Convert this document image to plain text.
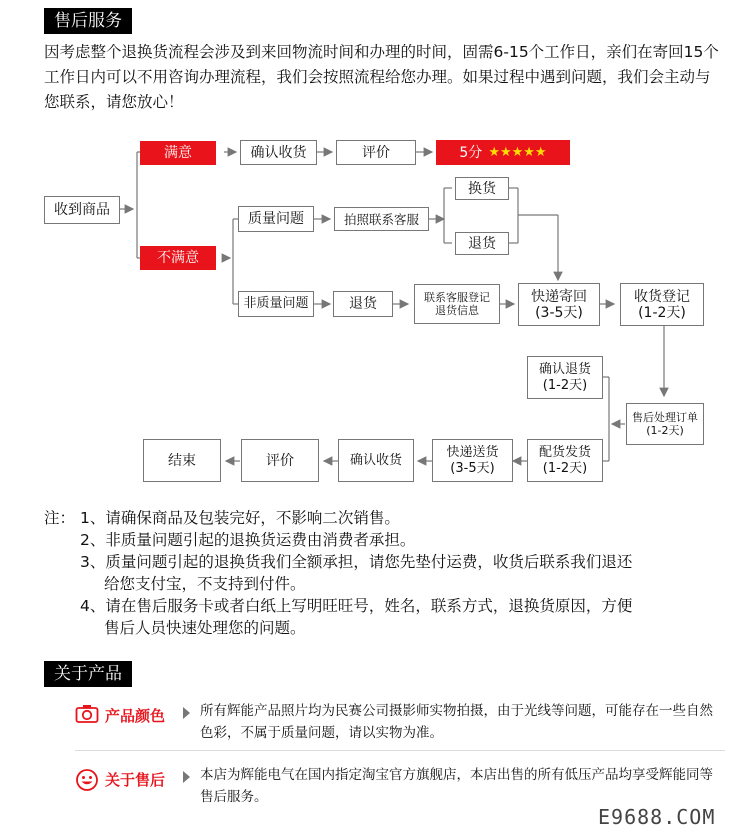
售后服务
因考虑整个退换货流程会涉及到来回物流时间和办理的时间，固需6-15个工作日，亲们在寄回15个工作日内可以不用咨询办理流程，我们会按照流程给您办理。如果过程中遇到问题，我们会主动与您联系，请您放心！
收到商品
满意	确认收货	评价	5分 ★★★★★
不满意
质量问题	拍照联系客服
换货
退货
非质量问题	退货	联系客服登记
退货信息
快递寄回
(3-5天)
收货登记
(1-2天)
确认退货
(1-2天)
售后处理订单
(1-2天)
配货发货
(1-2天)
快递送货
(3-5天)
确认收货
评价
结束
注： 1、请确保商品及包装完好，不影响二次销售。
2、非质量问题引起的退换货运费由消费者承担。
3、质量问题引起的退换货我们全额承担，请您先垫付运费，收货后联系我们退还
给您支付宝，不支持到付件。
4、请在售后服务卡或者白纸上写明旺旺号，姓名，联系方式，退换货原因，方便
售后人员快速处理您的问题。
关于产品
产品颜色	所有辉能产品照片均为民赛公司摄影师实物拍摄，由于光线等问题，可能存在一些自然色彩，不属于质量问题，请以实物为准。
关于售后	本店为辉能电气在国内指定淘宝官方旗舰店，本店出售的所有低压产品均享受辉能同等售后服务。
E9688.COM
